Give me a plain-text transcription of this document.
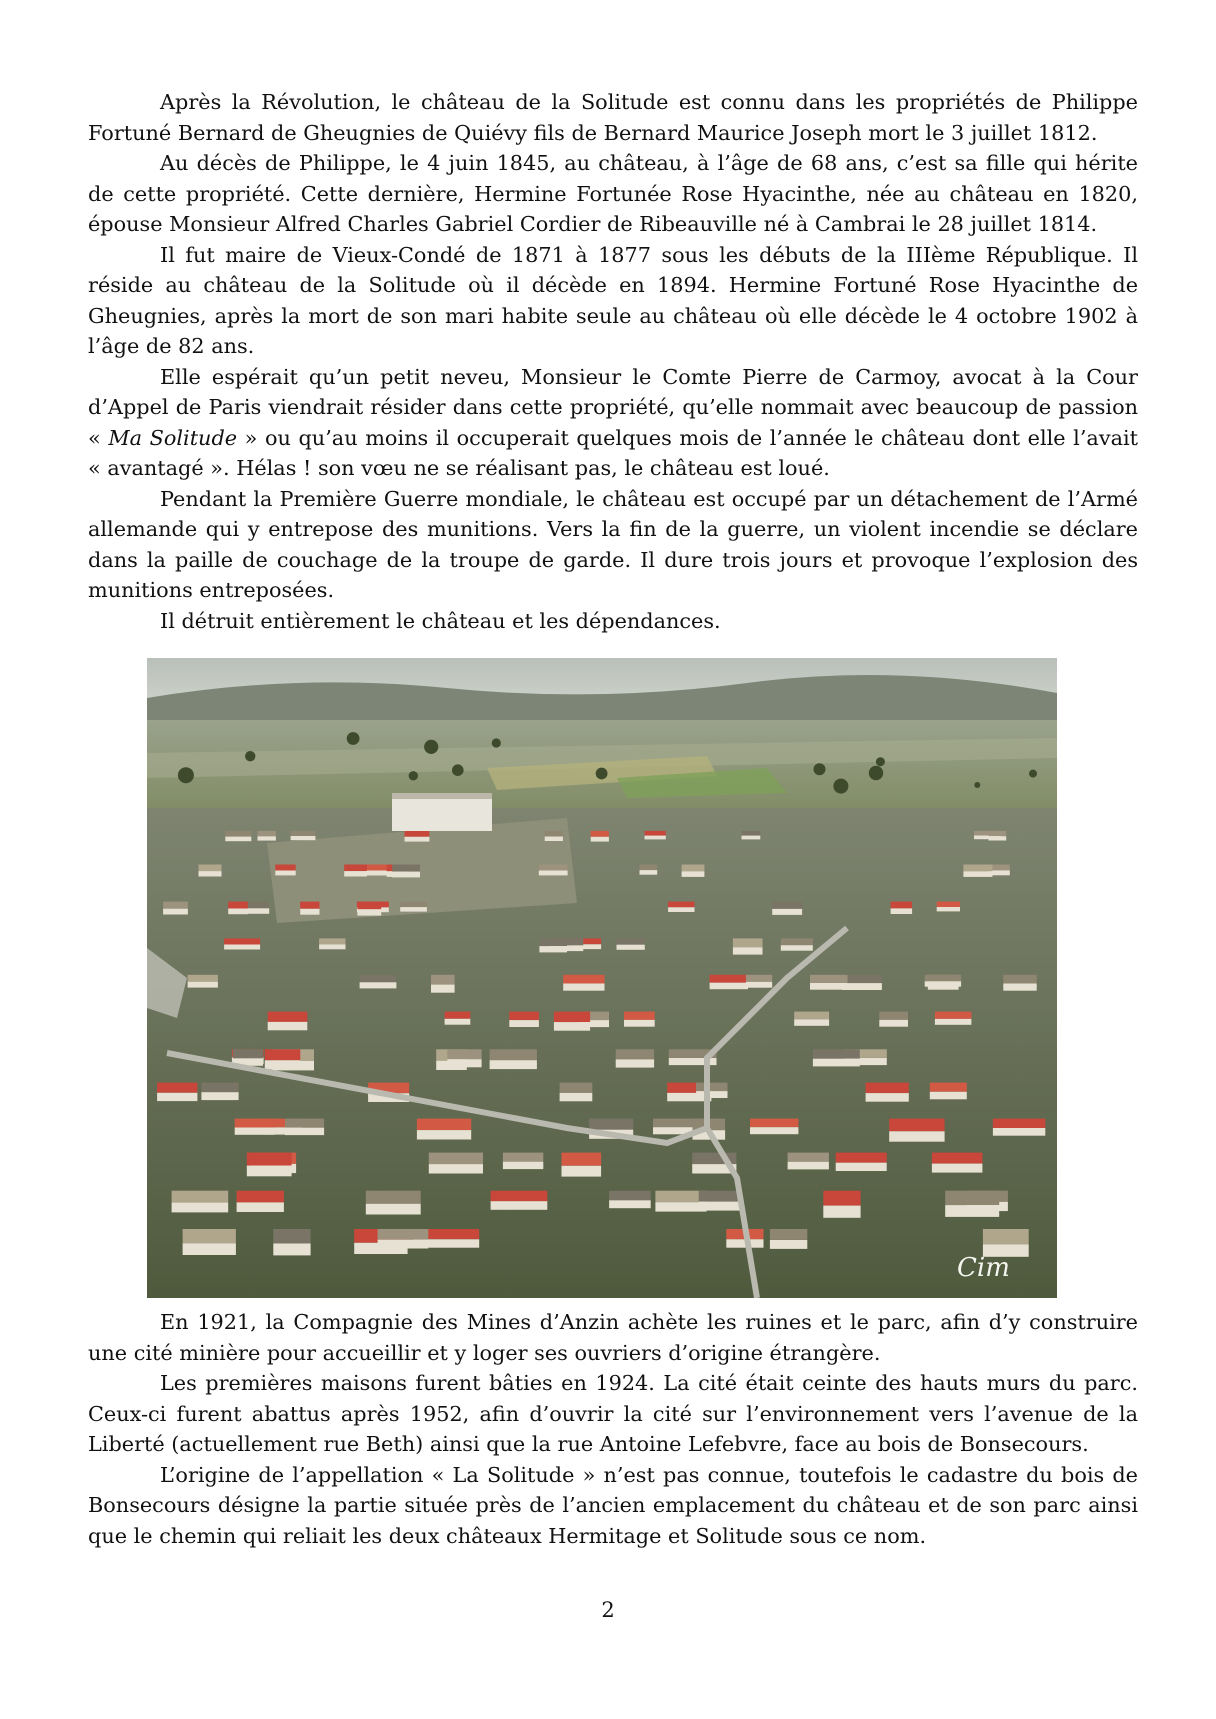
Après la Révolution, le château de la Solitude est connu dans les propriétés de Philippe Fortuné Bernard de Gheugnies de Quiévy fils de Bernard Maurice Joseph mort le 3 juillet 1812.

Au décès de Philippe, le 4 juin 1845, au château, à l’âge de 68 ans, c’est sa fille qui hérite de cette propriété. Cette dernière, Hermine Fortunée Rose Hyacinthe, née au château en 1820, épouse Monsieur Alfred Charles Gabriel Cordier de Ribeauville né à Cambrai le 28 juillet 1814.

Il fut maire de Vieux-Condé de 1871 à 1877 sous les débuts de la IIIème République. Il réside au château de la Solitude où il décède en 1894. Hermine Fortuné Rose Hyacinthe de Gheugnies, après la mort de son mari habite seule au château où elle décède le 4 octobre 1902 à l’âge de 82 ans.

Elle espérait qu’un petit neveu, Monsieur le Comte Pierre de Carmoy, avocat à la Cour d’Appel de Paris viendrait résider dans cette propriété, qu’elle nommait avec beaucoup de passion « Ma Solitude » ou qu’au moins il occuperait quelques mois de l’année le château dont elle l’avait « avantagé ». Hélas ! son vœu ne se réalisant pas, le château est loué.

Pendant la Première Guerre mondiale, le château est occupé par un détachement de l’Armé allemande qui y entrepose des munitions. Vers la fin de la guerre, un violent incendie se déclare dans la paille de couchage de la troupe de garde. Il dure trois jours et provoque l’explosion des munitions entreposées.

Il détruit entièrement le château et les dépendances.

Cim

En 1921, la Compagnie des Mines d’Anzin achète les ruines et le parc, afin d’y construire une cité minière pour accueillir et y loger ses ouvriers d’origine étrangère.

Les premières maisons furent bâties en 1924. La cité était ceinte des hauts murs du parc. Ceux-ci furent abattus après 1952, afin d’ouvrir la cité sur l’environnement vers l’avenue de la Liberté (actuellement rue Beth) ainsi que la rue Antoine Lefebvre, face au bois de Bonsecours.

L’origine de l’appellation « La Solitude » n’est pas connue, toutefois le cadastre du bois de Bonsecours désigne la partie située près de l’ancien emplacement du château et de son parc ainsi que le chemin qui reliait les deux châteaux Hermitage et Solitude sous ce nom.

2
